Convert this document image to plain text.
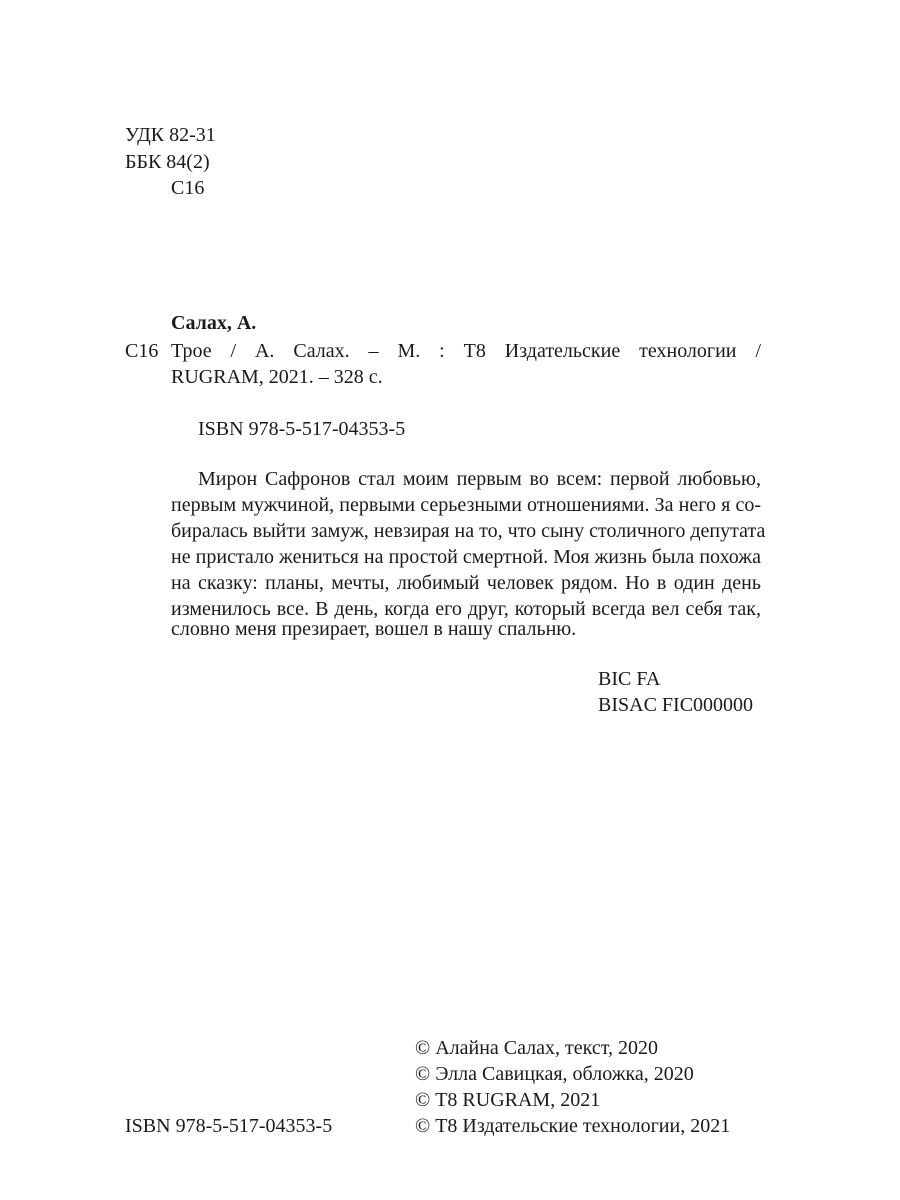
УДК 82-31
ББК 84(2)
С16
Салах, А.
С16 Трое / А. Салах. – М. : Т8 Издательские технологии /
RUGRAM, 2021. – 328 с.
ISBN 978-5-517-04353-5
Мирон Сафронов стал моим первым во всем: первой любовью,
первым мужчиной, первыми серьезными отношениями. За него я со-
биралась выйти замуж, невзирая на то, что сыну столичного депутата
не пристало жениться на простой смертной. Моя жизнь была похожа
на сказку: планы, мечты, любимый человек рядом. Но в один день
изменилось все. В день, когда его друг, который всегда вел себя так,
словно меня презирает, вошел в нашу спальню.
BIC FA
BISAC FIC000000
© Алайна Салах, текст, 2020
© Элла Савицкая, обложка, 2020
© Т8 RUGRAM, 2021
ISBN 978-5-517-04353-5	© Т8 Издательские технологии, 2021
